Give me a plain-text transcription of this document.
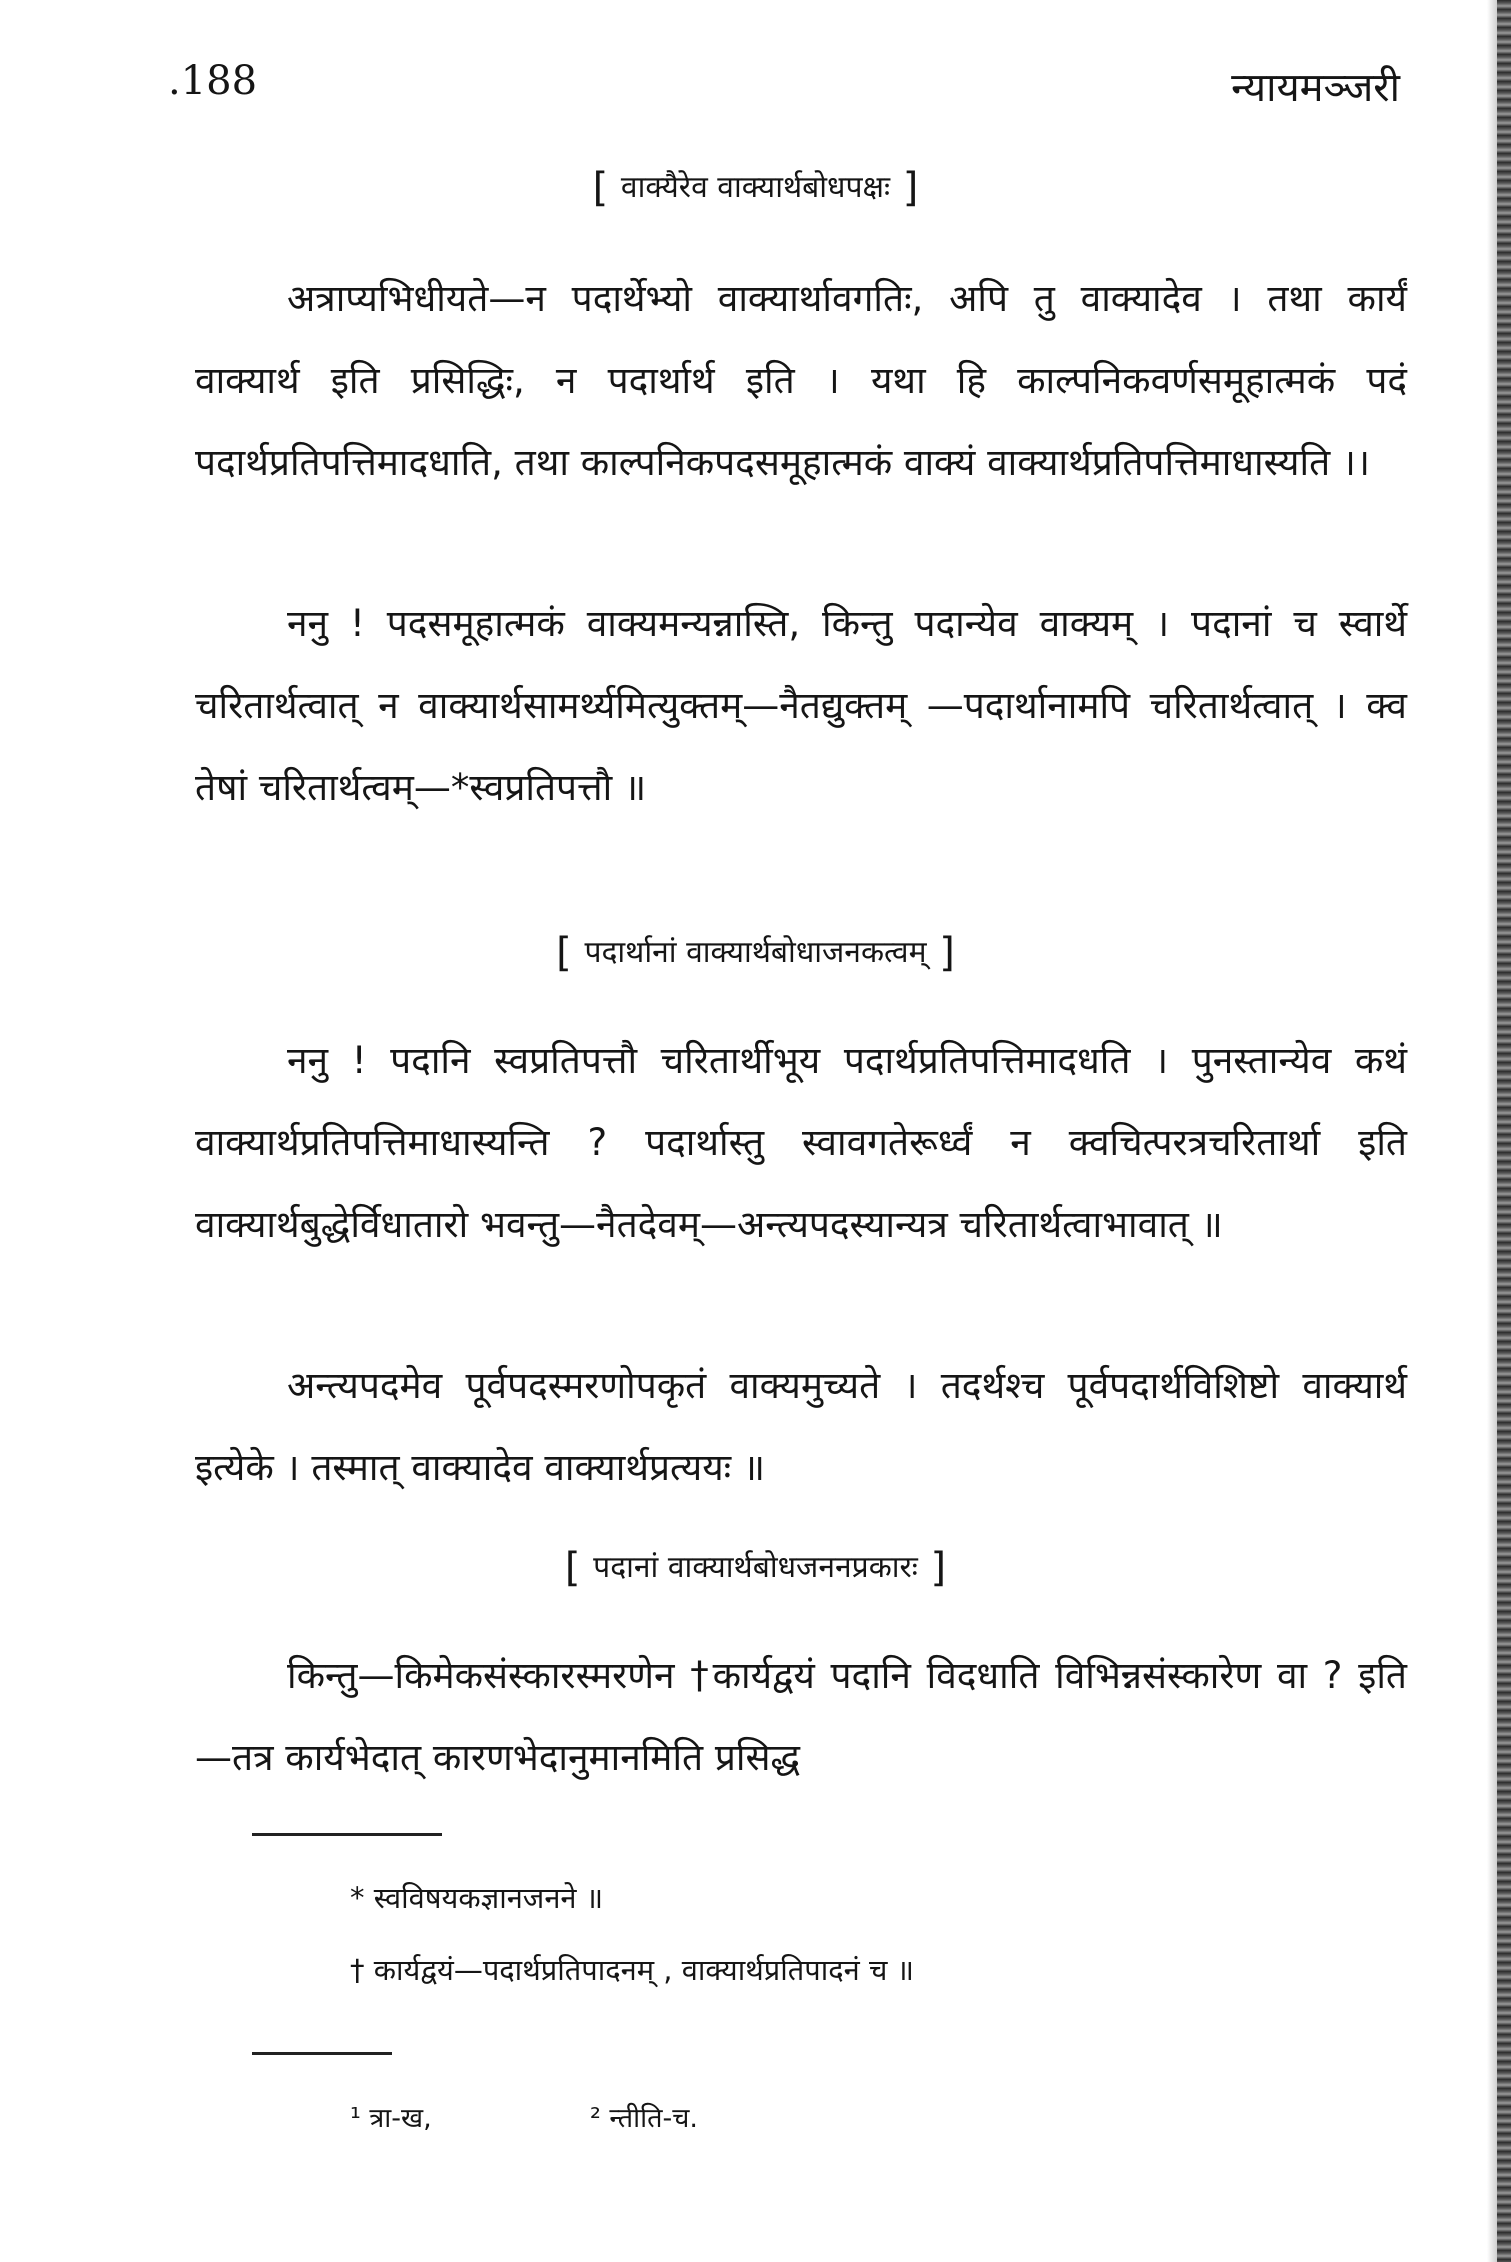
.188	न्यायमञ्जरी
[ वाक्यैरेव वाक्यार्थबोधपक्षः ]

अत्राप्यभिधीयते—न पदार्थेभ्यो वाक्यार्थावगतिः, अपि तु वाक्यादेव । तथा कार्यं वाक्यार्थ इति प्रसिद्धिः, न पदार्थार्थ इति । यथा हि काल्पनिकवर्णसमूहात्मकं पदं पदार्थप्रतिपत्तिमादधाति, तथा काल्पनिकपदसमूहात्मकं वाक्यं वाक्यार्थप्रतिपत्तिमाधास्यति ।।

ननु ! पदसमूहात्मकं वाक्यमन्यन्नास्ति, किन्तु पदान्येव वाक्यम् । पदानां च स्वार्थे चरितार्थत्वात् न वाक्यार्थसामर्थ्यमित्युक्तम्—नैतद्युक्तम् —पदार्थानामपि चरितार्थत्वात् । क्व तेषां चरितार्थत्वम्—*स्वप्रतिपत्तौ ॥

[ पदार्थानां वाक्यार्थबोधाजनकत्वम् ]

ननु ! पदानि स्वप्रतिपत्तौ चरितार्थीभूय पदार्थप्रतिपत्तिमादधति । पुनस्तान्येव कथं वाक्यार्थप्रतिपत्तिमाधास्यन्ति ? पदार्थास्तु स्वावगतेरूर्ध्वं न क्वचित्परत्रचरितार्था इति वाक्यार्थबुद्धेर्विधातारो भवन्तु—नैतदेवम्—अन्त्यपदस्यान्यत्र चरितार्थत्वाभावात् ॥

अन्त्यपदमेव पूर्वपदस्मरणोपकृतं वाक्यमुच्यते । तदर्थश्च पूर्वपदार्थविशिष्टो वाक्यार्थ इत्येके । तस्मात् वाक्यादेव वाक्यार्थप्रत्ययः ॥

[ पदानां वाक्यार्थबोधजननप्रकारः ]

किन्तु—किमेकसंस्कारस्मरणेन †कार्यद्वयं पदानि विदधाति विभिन्नसंस्कारेण वा ? इति—तत्र कार्यभेदात् कारणभेदानुमानमिति प्रसिद्ध

* स्वविषयकज्ञानजनने ॥
† कार्यद्वयं—पदार्थप्रतिपादनम् , वाक्यार्थप्रतिपादनं च ॥
¹ त्रा-ख,	² न्तीति-च.
